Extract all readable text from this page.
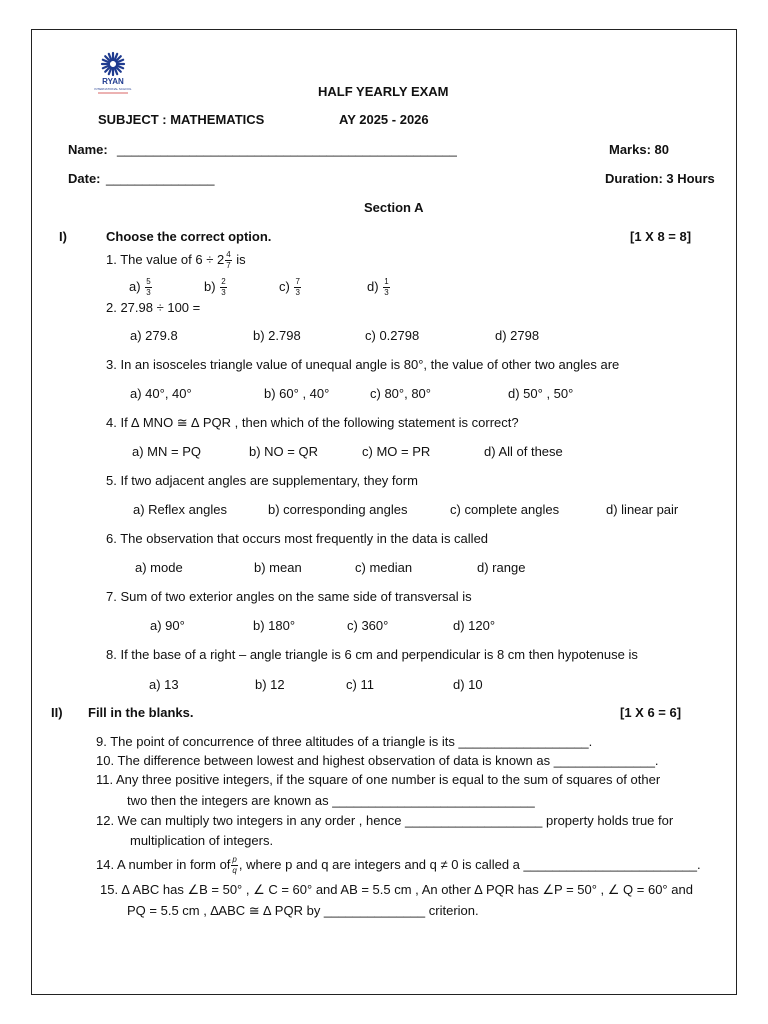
RYAN
INTERNATIONAL SCHOOL	HALF YEARLY EXAM
SUBJECT : MATHEMATICS	AY 2025 - 2026
Name: _______________________________________________	Marks: 80
Date: _______________	Duration: 3 Hours
Section A
I)	Choose the correct option.	[1 X 8 = 8]
1. The value of $6 \div 2 \frac{4}{7}$ is
$a) \frac{5}{3}$	$b) \frac{2}{3}$	$c) \frac{7}{3}$	$d) \frac{1}{3}$
2. 27.98 ÷ 100 =
a) 279.8	b) 2.798	c) 0.2798	d) 2798
3. In an isosceles triangle value of unequal angle is 80°, the value of other two angles are
a) 40°, 40°	b) 60° , 40°	c) 80°, 80°	d) 50° , 50°
4. If ∆ MNO ≅ ∆ PQR , then which of the following statement is correct?
a) MN = PQ	b) NO = QR	c) MO = PR	d) All of these
5. If two adjacent angles are supplementary, they form
a) Reflex angles	b) corresponding angles	c) complete angles	d) linear pair
6. The observation that occurs most frequently in the data is called
a) mode	b) mean	c) median	d) range
7. Sum of two exterior angles on the same side of transversal is
a) 90°	b) 180°	c) 360°	d) 120°
8. If the base of a right – angle triangle is 6 cm and perpendicular is 8 cm then hypotenuse is
a) 13	b) 12	c) 11	d) 10
II) Fill in the blanks.	[1 X 6 = 6]
9. The point of concurrence of three altitudes of a triangle is its __________________.
10. The difference between lowest and highest observation of data is known as ______________.
11. Any three positive integers, if the square of one number is equal to the sum of squares of other
two then the integers are known as ____________________________
12. We can multiply two integers in any order , hence ___________________ property holds true for
multiplication of integers.
14. A number in form of $\frac{p}{q}$ , where p and q are integers and q ≠ 0 is called a ________________________.
15. ∆ ABC has ∠B = 50° , ∠ C = 60° and AB = 5.5 cm , An other ∆ PQR has ∠P = 50° , ∠ Q = 60° and
PQ = 5.5 cm , ∆ABC ≅ ∆ PQR by ______________ criterion.
